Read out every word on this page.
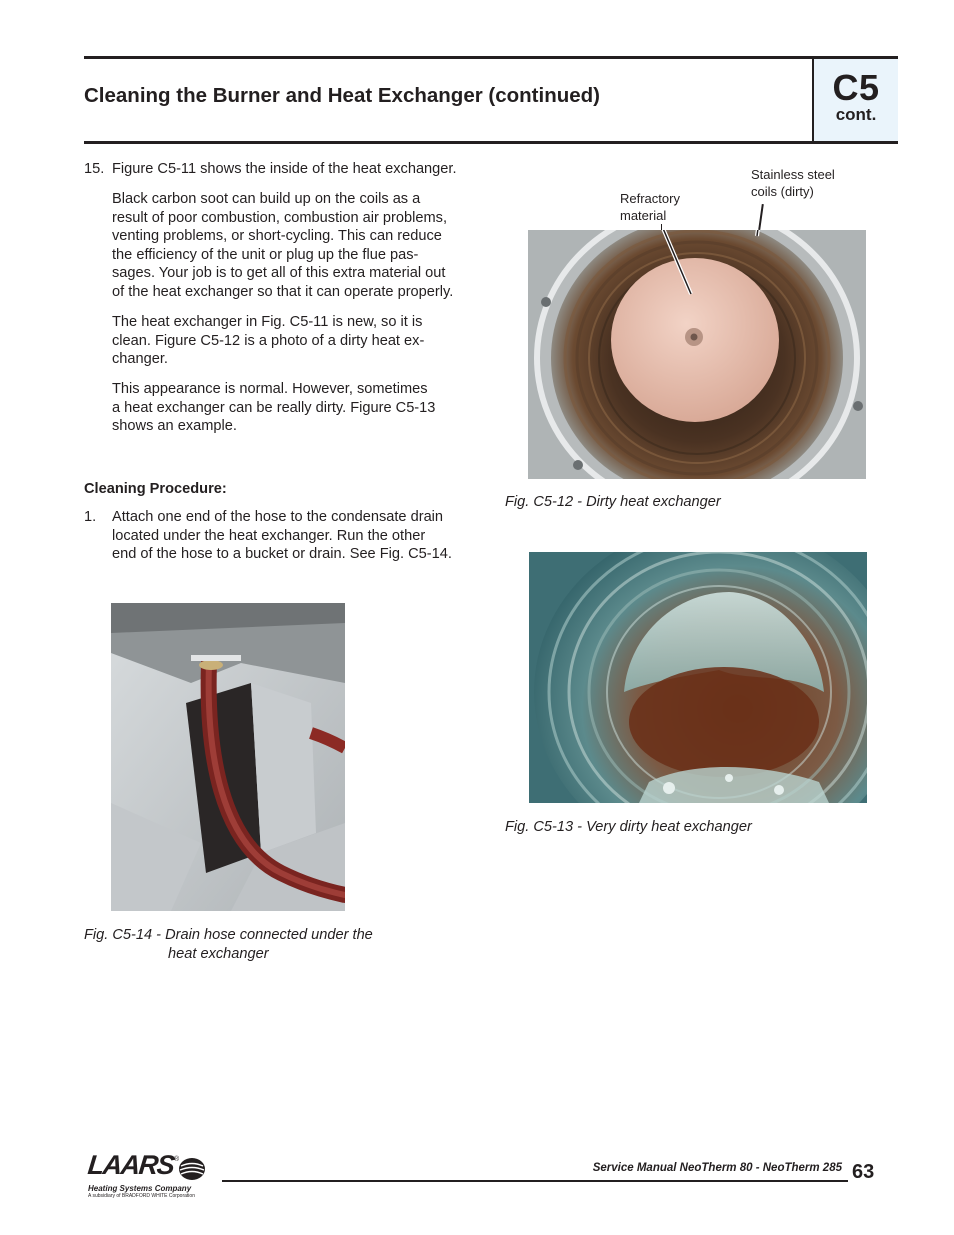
Cleaning the Burner and Heat Exchanger (continued)	C5
cont.
15. Figure C5-11 shows the inside of the heat exchanger.
Black carbon soot can build up on the coils as a
result of poor combustion, combustion air problems,
venting problems, or short-cycling. This can reduce
the efficiency of the unit or plug up the flue pas-
sages. Your job is to get all of this extra material out
of the heat exchanger so that it can operate properly.
The heat exchanger in Fig. C5-11 is new, so it is
clean. Figure C5-12 is a photo of a dirty heat ex-
changer.
This appearance is normal. However, sometimes
a heat exchanger can be really dirty. Figure C5-13
shows an example.
Cleaning Procedure:
1. Attach one end of the hose to the condensate drain
located under the heat exchanger. Run the other
end of the hose to a bucket or drain. See Fig. C5-14.
Refractory
material
Stainless steel
coils (dirty)
Fig. C5-12 - Dirty heat exchanger
Fig. C5-13 - Very dirty heat exchanger
Fig. C5-14 - Drain hose connected under the
heat exchanger
LAARS
®
Heating Systems Company
A subsidiary of BRADFORD WHITE Corporation
Service Manual NeoTherm 80 - NeoTherm 285 63
